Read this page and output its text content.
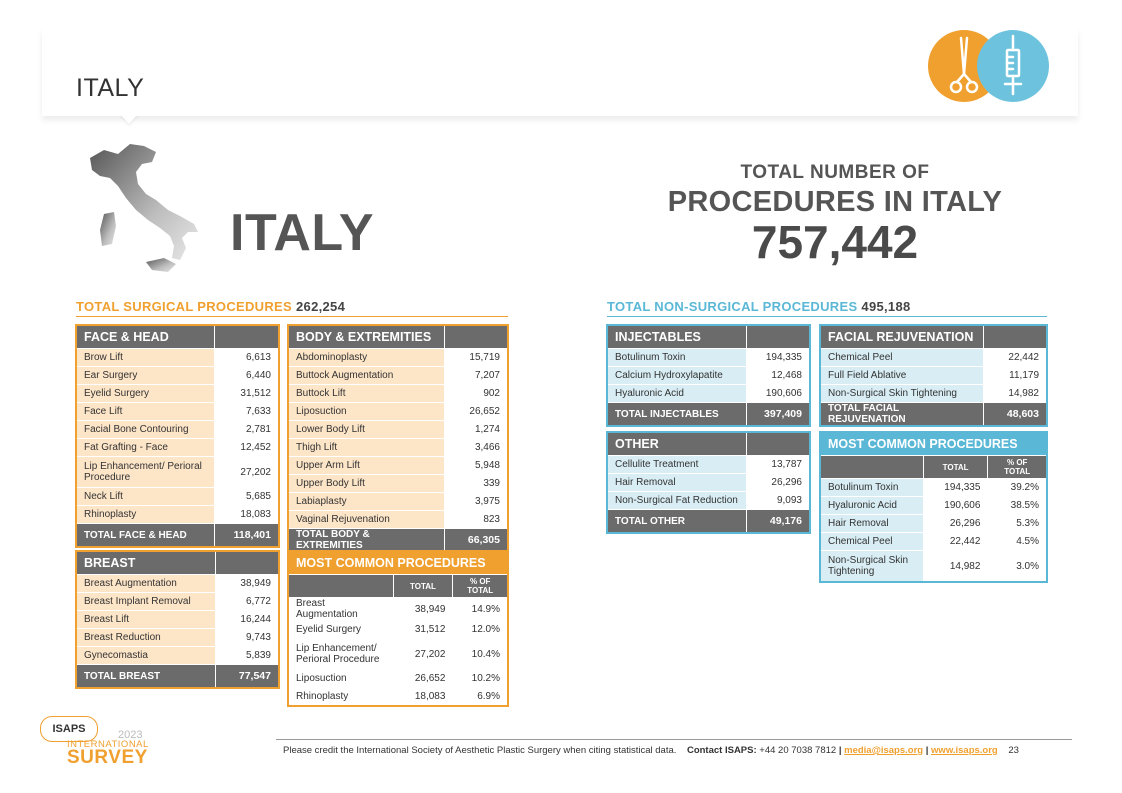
ITALY
ITALY
TOTAL NUMBER OF
PROCEDURES IN ITALY
757,442
TOTAL SURGICAL PROCEDURES 262,254	TOTAL NON-SURGICAL PROCEDURES 495,188
FACE & HEAD	
Brow Lift	6,613
Ear Surgery	6,440
Eyelid Surgery	31,512
Face Lift	7,633
Facial Bone Contouring	2,781
Fat Grafting - Face	12,452
Lip Enhancement/ Perioral Procedure	27,202
Neck Lift	5,685
Rhinoplasty	18,083
TOTAL FACE & HEAD	118,401
BODY & EXTREMITIES	
Abdominoplasty	15,719
Buttock Augmentation	7,207
Buttock Lift	902
Liposuction	26,652
Lower Body Lift	1,274
Thigh Lift	3,466
Upper Arm Lift	5,948
Upper Body Lift	339
Labiaplasty	3,975
Vaginal Rejuvenation	823
TOTAL BODY & EXTREMITIES	66,305
BREAST	
Breast Augmentation	38,949
Breast Implant Removal	6,772
Breast Lift	16,244
Breast Reduction	9,743
Gynecomastia	5,839
TOTAL BREAST	77,547
MOST COMMON PROCEDURES		
	TOTAL	% OF TOTAL
Breast Augmentation	38,949	14.9%
Eyelid Surgery	31,512	12.0%
Lip Enhancement/ Perioral Procedure	27,202	10.4%
Liposuction	26,652	10.2%
Rhinoplasty	18,083	6.9%
INJECTABLES	
Botulinum Toxin	194,335
Calcium Hydroxylapatite	12,468
Hyaluronic Acid	190,606
TOTAL INJECTABLES	397,409
FACIAL REJUVENATION	
Chemical Peel	22,442
Full Field Ablative	11,179
Non-Surgical Skin Tightening	14,982
TOTAL FACIAL REJUVENATION	48,603
OTHER	
Cellulite Treatment	13,787
Hair Removal	26,296
Non-Surgical Fat Reduction	9,093
TOTAL OTHER	49,176
MOST COMMON PROCEDURES		
	TOTAL	% OF TOTAL
Botulinum Toxin	194,335	39.2%
Hyaluronic Acid	190,606	38.5%
Hair Removal	26,296	5.3%
Chemical Peel	22,442	4.5%
Non-Surgical Skin Tightening	14,982	3.0%
Please credit the International Society of Aesthetic Plastic Surgery when citing statistical data. Contact ISAPS: +44 20 7038 7812 | media@isaps.org | www.isaps.org 23
ISAPS	2023
INTERNATIONAL
SURVEY
